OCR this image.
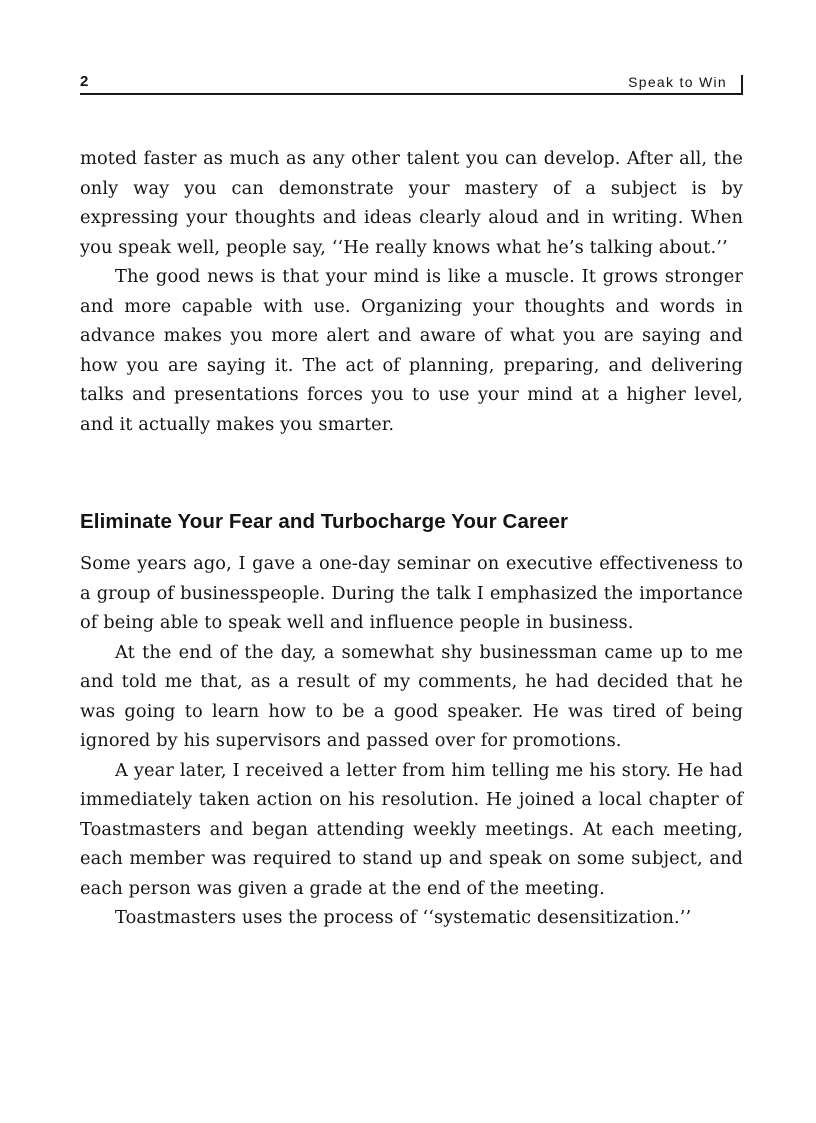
2	Speak to Win

moted faster as much as any other talent you can develop. After all, the only way you can demonstrate your mastery of a subject is by expressing your thoughts and ideas clearly aloud and in writing. When you speak well, people say, ‘‘He really knows what he’s talking about.’’

The good news is that your mind is like a muscle. It grows stronger and more capable with use. Organizing your thoughts and words in advance makes you more alert and aware of what you are saying and how you are saying it. The act of planning, preparing, and delivering talks and presentations forces you to use your mind at a higher level, and it actually makes you smarter.

Eliminate Your Fear and Turbocharge Your Career

Some years ago, I gave a one-day seminar on executive effectiveness to a group of businesspeople. During the talk I emphasized the importance of being able to speak well and influence people in business.

At the end of the day, a somewhat shy businessman came up to me and told me that, as a result of my comments, he had decided that he was going to learn how to be a good speaker. He was tired of being ignored by his supervisors and passed over for promotions.

A year later, I received a letter from him telling me his story. He had immediately taken action on his resolution. He joined a local chapter of Toastmasters and began attending weekly meetings. At each meeting, each member was required to stand up and speak on some subject, and each person was given a grade at the end of the meeting.

Toastmasters uses the process of ‘‘systematic desensitization.’’
